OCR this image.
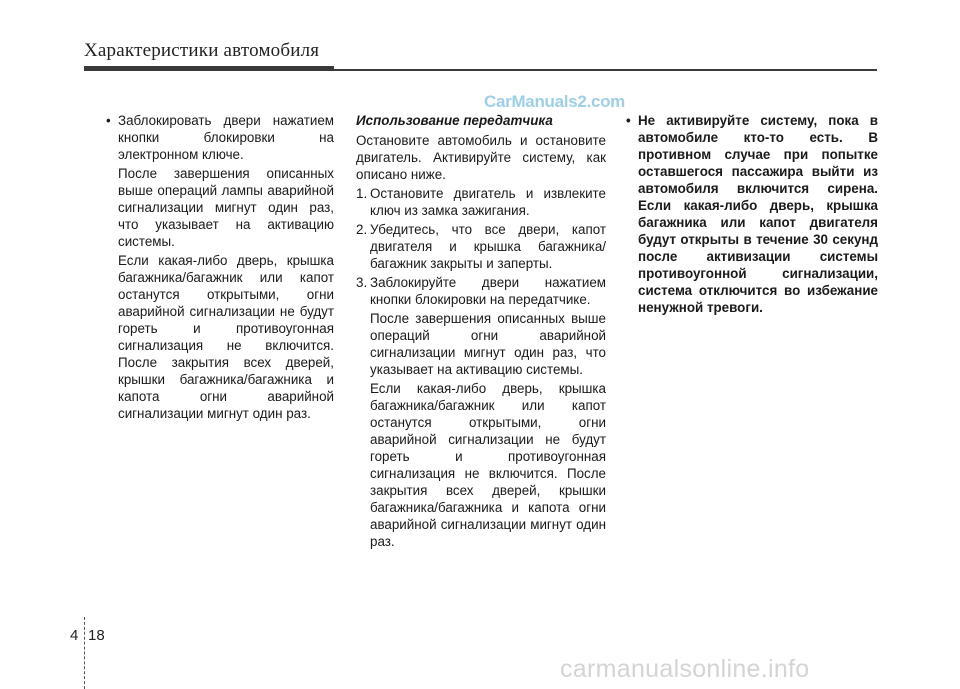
Характеристики автомобиля
CarManuals2.com

• Заблокировать двери нажатием кнопки блокировки на электронном ключе.

После завершения описанных выше операций лампы аварийной сигнализации мигнут один раз, что указывает на активацию системы.

Если какая-либо дверь, крышка багажника/багажник или капот останутся открытыми, огни аварийной сигнализации не будут гореть и противоугонная сигнализация не включится. После закрытия всех дверей, крышки багажника/багажника и капота огни аварийной сигнализации мигнут один раз.

Использование передатчика

Остановите автомобиль и остановите двигатель. Активируйте систему, как описано ниже.

1. Остановите двигатель и извлеките ключ из замка зажигания.

2. Убедитесь, что все двери, капот двигателя и крышка багажника/багажник закрыты и заперты.

3. Заблокируйте двери нажатием кнопки блокировки на передатчике.

После завершения описанных выше операций огни аварийной сигнализации мигнут один раз, что указывает на активацию системы.

Если какая-либо дверь, крышка багажника/багажник или капот останутся открытыми, огни аварийной сигнализации не будут гореть и противоугонная сигнализация не включится. После закрытия всех дверей, крышки багажника/багажника и капота огни аварийной сигнализации мигнут один раз.

• Не активируйте систему, пока в автомобиле кто-то есть. В противном случае при попытке оставшегося пассажира выйти из автомобиля включится сирена. Если какая-либо дверь, крышка багажника или капот двигателя будут открыты в течение 30 секунд после активизации системы противоугонной сигнализации, система отключится во избежание ненужной тревоги.

4 18
carmanualsonline.info
